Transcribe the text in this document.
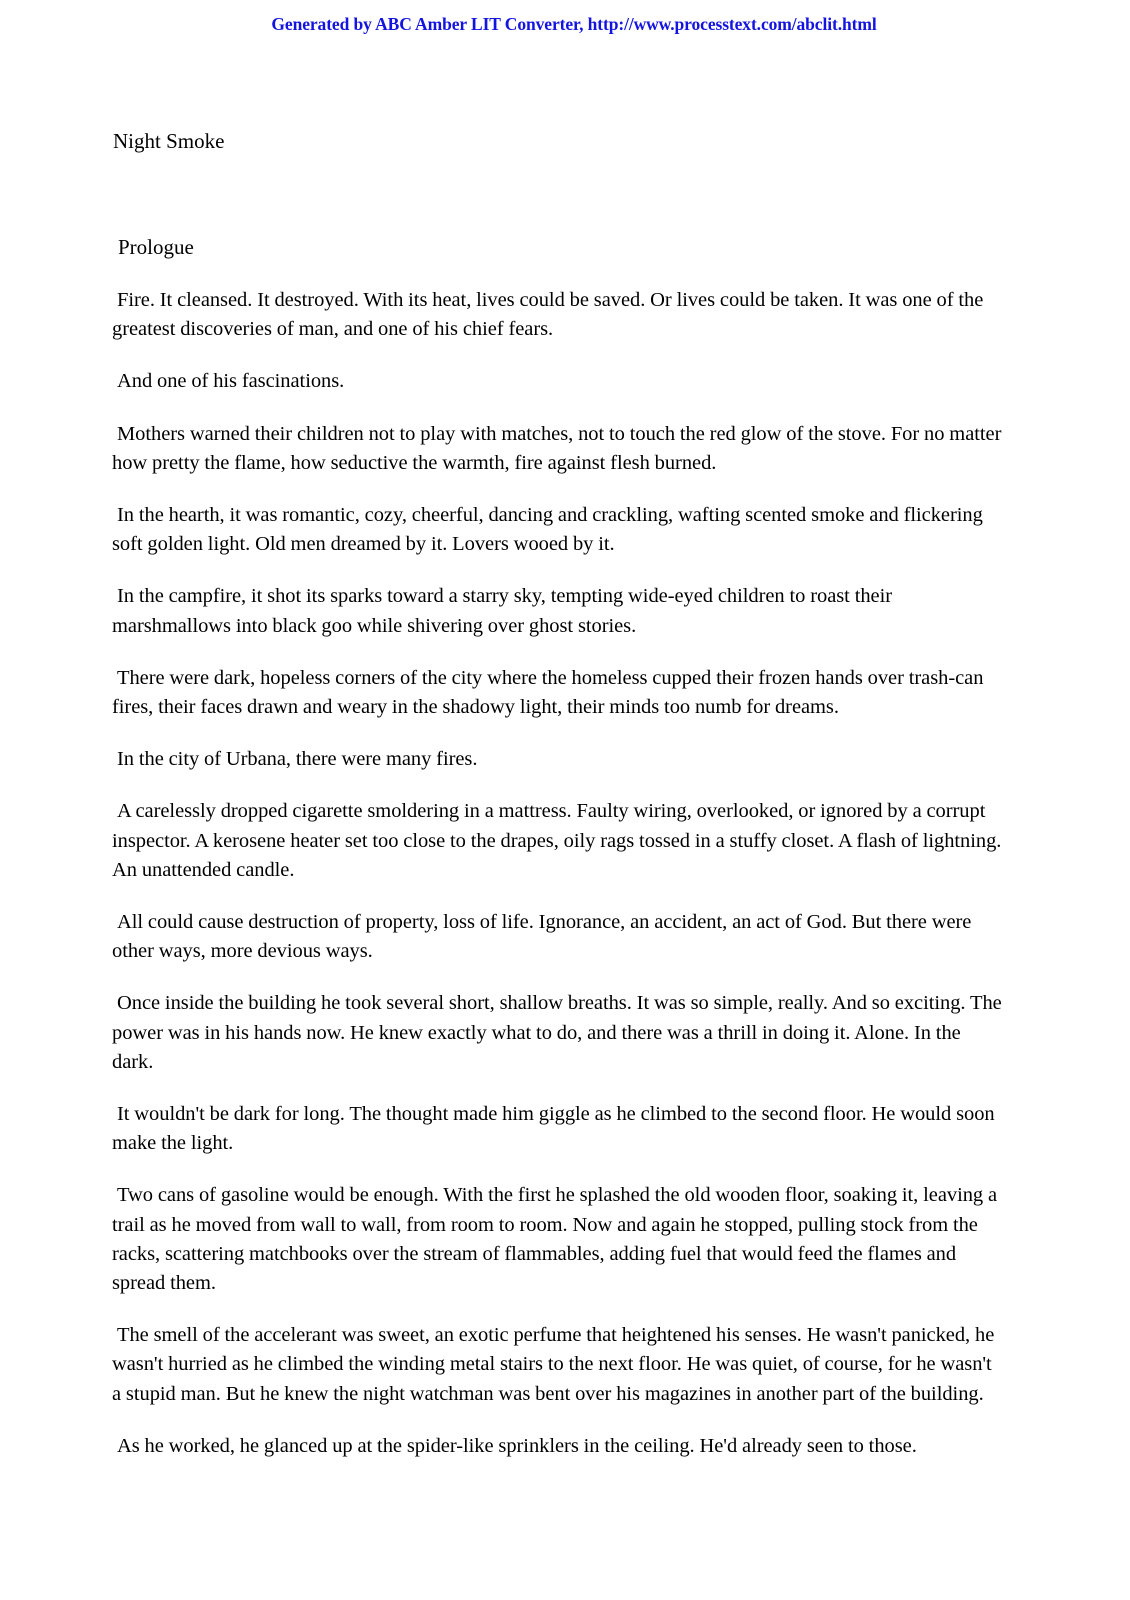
Generated by ABC Amber LIT Converter, http://www.processtext.com/abclit.html
Night Smoke
Prologue

Fire. It cleansed. It destroyed. With its heat, lives could be saved. Or lives could be taken. It was one of the greatest discoveries of man, and one of his chief fears.

And one of his fascinations.

Mothers warned their children not to play with matches, not to touch the red glow of the stove. For no matter how pretty the flame, how seductive the warmth, fire against flesh burned.

In the hearth, it was romantic, cozy, cheerful, dancing and crackling, wafting scented smoke and flickering soft golden light. Old men dreamed by it. Lovers wooed by it.

In the campfire, it shot its sparks toward a starry sky, tempting wide-eyed children to roast their marshmallows into black goo while shivering over ghost stories.

There were dark, hopeless corners of the city where the homeless cupped their frozen hands over trash-can fires, their faces drawn and weary in the shadowy light, their minds too numb for dreams.

In the city of Urbana, there were many fires.

A carelessly dropped cigarette smoldering in a mattress. Faulty wiring, overlooked, or ignored by a corrupt inspector. A kerosene heater set too close to the drapes, oily rags tossed in a stuffy closet. A flash of lightning. An unattended candle.

All could cause destruction of property, loss of life. Ignorance, an accident, an act of God. But there were other ways, more devious ways.

Once inside the building he took several short, shallow breaths. It was so simple, really. And so exciting. The power was in his hands now. He knew exactly what to do, and there was a thrill in doing it. Alone. In the dark.

It wouldn't be dark for long. The thought made him giggle as he climbed to the second floor. He would soon make the light.

Two cans of gasoline would be enough. With the first he splashed the old wooden floor, soaking it, leaving a trail as he moved from wall to wall, from room to room. Now and again he stopped, pulling stock from the racks, scattering matchbooks over the stream of flammables, adding fuel that would feed the flames and spread them.

The smell of the accelerant was sweet, an exotic perfume that heightened his senses. He wasn't panicked, he wasn't hurried as he climbed the winding metal stairs to the next floor. He was quiet, of course, for he wasn't a stupid man. But he knew the night watchman was bent over his magazines in another part of the building.

As he worked, he glanced up at the spider-like sprinklers in the ceiling. He'd already seen to those.
